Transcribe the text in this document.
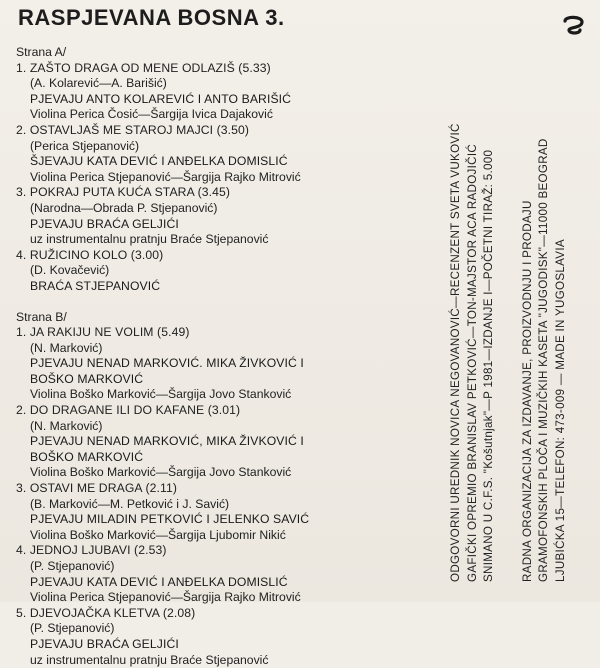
RASPJEVANA BOSNA 3.
Strana A/
1. ZAŠTO DRAGA OD MENE ODLAZIŠ (5.33)
(A. Kolarević—A. Barišić)
PJEVAJU ANTO KOLAREVIĆ I ANTO BARIŠIĆ
Violina Perica Čosić—Šargija Ivica Dajaković
2. OSTAVLJAŠ ME STAROJ MAJCI (3.50)
(Perica Stjepanović)
ŠJEVAJU KATA DEVIĆ I ANĐELKA DOMISLIĆ
Violina Perica Stjepanović—Šargija Rajko Mitrović
3. POKRAJ PUTA KUĆA STARA (3.45)
(Narodna—Obrada P. Stjepanović)
PJEVAJU BRAĆA GELJIĆI
uz instrumentalnu pratnju Braće Stjepanović
4. RUŽICINO KOLO (3.00)
(D. Kovačević)
BRAĆA STJEPANOVIĆ
Strana B/
1. JA RAKIJU NE VOLIM (5.49)
(N. Marković)
PJEVAJU NENAD MARKOVIĆ. MIKA ŽIVKOVIĆ I
BOŠKO MARKOVIĆ
Violina Boško Marković—Šargija Jovo Stanković
2. DO DRAGANE ILI DO KAFANE (3.01)
(N. Marković)
PJEVAJU NENAD MARKOVIĆ, MIKA ŽIVKOVIĆ I
BOŠKO MARKOVIĆ
Violina Boško Marković—Šargija Jovo Stanković
3. OSTAVI ME DRAGA (2.11)
(B. Marković—M. Petković i J. Savić)
PJEVAJU MILADIN PETKOVIĆ I JELENKO SAVIĆ
Violina Boško Marković—Šargija Ljubomir Nikić
4. JEDNOJ LJUBAVI (2.53)
(P. Stjepanović)
PJEVAJU KATA DEVIĆ I ANĐELKA DOMISLIĆ
Violina Perica Stjepanović—Šargija Rajko Mitrović
5. DJEVOJAČKA KLETVA (2.08)
(P. Stjepanović)
PJEVAJU BRAĆA GELJIĆI
uz instrumentalnu pratnju Braće Stjepanović
ODGOVORNI UREDNIK NOVICA NEGOVANOVIĆ—RECENZENT SVETA VUKOVIĆ GAFIČKI OPREMIO BRANISLAV PETKOVIĆ—TON-MAJSTOR ACA RADOJIČIĆ SNIMANO U C.F.S. "Košutnjak"—P 1981—IZDANJE I—POČETNI TIRAŽ: 5.000 RADNA ORGANIZACIJA ZA IZDAVANJE, PROIZVODNJU I PRODAJU GRAMOFONSKIH PLOČA I MUZIČKIH KASETA "JUGODISK"—11000 BEOGRAD LJUBIĆKA 15—TELEFON: 473-009 — MADE IN YUGOSLAVIA
